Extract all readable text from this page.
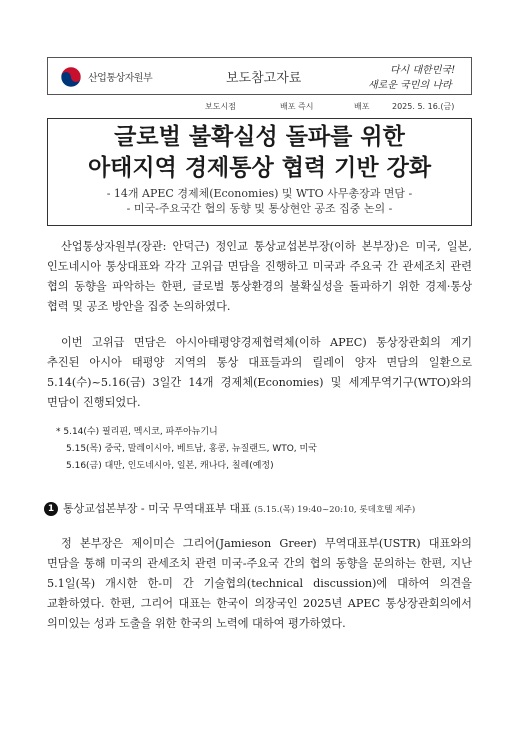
산업통상자원부	보도참고자료
다시 대한민국!
새로운 국민의 나라
보도시점	배포 즉시	배포	2025. 5. 16.(금)
글로벌 불확실성 돌파를 위한
아태지역 경제통상 협력 기반 강화
- 14개 APEC 경제체(Economies) 및 WTO 사무총장과 면담 -
- 미국-주요국간 협의 동향 및 통상현안 공조 집중 논의 -

산업통상자원부(장관: 안덕근) 정인교 통상교섭본부장(이하 본부장)은 미국, 일본, 인도네시아 통상대표와 각각 고위급 면담을 진행하고 미국과 주요국 간 관세조치 관련 협의 동향을 파악하는 한편, 글로벌 통상환경의 불확실성을 돌파하기 위한 경제·통상 협력 및 공조 방안을 집중 논의하였다.

이번 고위급 면담은 아시아태평양경제협력체(이하 APEC) 통상장관회의 계기 추진된 아시아 태평양 지역의 통상 대표들과의 릴레이 양자 면담의 일환으로 5.14(수)~5.16(금) 3일간 14개 경제체(Economies) 및 세계무역기구(WTO)와의 면담이 진행되었다.

* 5.14(수) 필리핀, 멕시코, 파푸아뉴기니
5.15(목) 중국, 말레이시아, 베트남, 홍콩, 뉴질랜드, WTO, 미국
5.16(금) 대만, 인도네시아, 일본, 캐나다, 칠레(예정)
1 통상교섭본부장 - 미국 무역대표부 대표 (5.15.(목) 19:40~20:10, 롯데호텔 제주)

정 본부장은 제이미슨 그리어(Jamieson Greer) 무역대표부(USTR) 대표와의 면담을 통해 미국의 관세조치 관련 미국-주요국 간의 협의 동향을 문의하는 한편, 지난 5.1일(목) 개시한 한-미 간 기술협의(technical discussion)에 대하여 의견을 교환하였다. 한편, 그리어 대표는 한국이 의장국인 2025년 APEC 통상장관회의에서 의미있는 성과 도출을 위한 한국의 노력에 대하여 평가하였다.
